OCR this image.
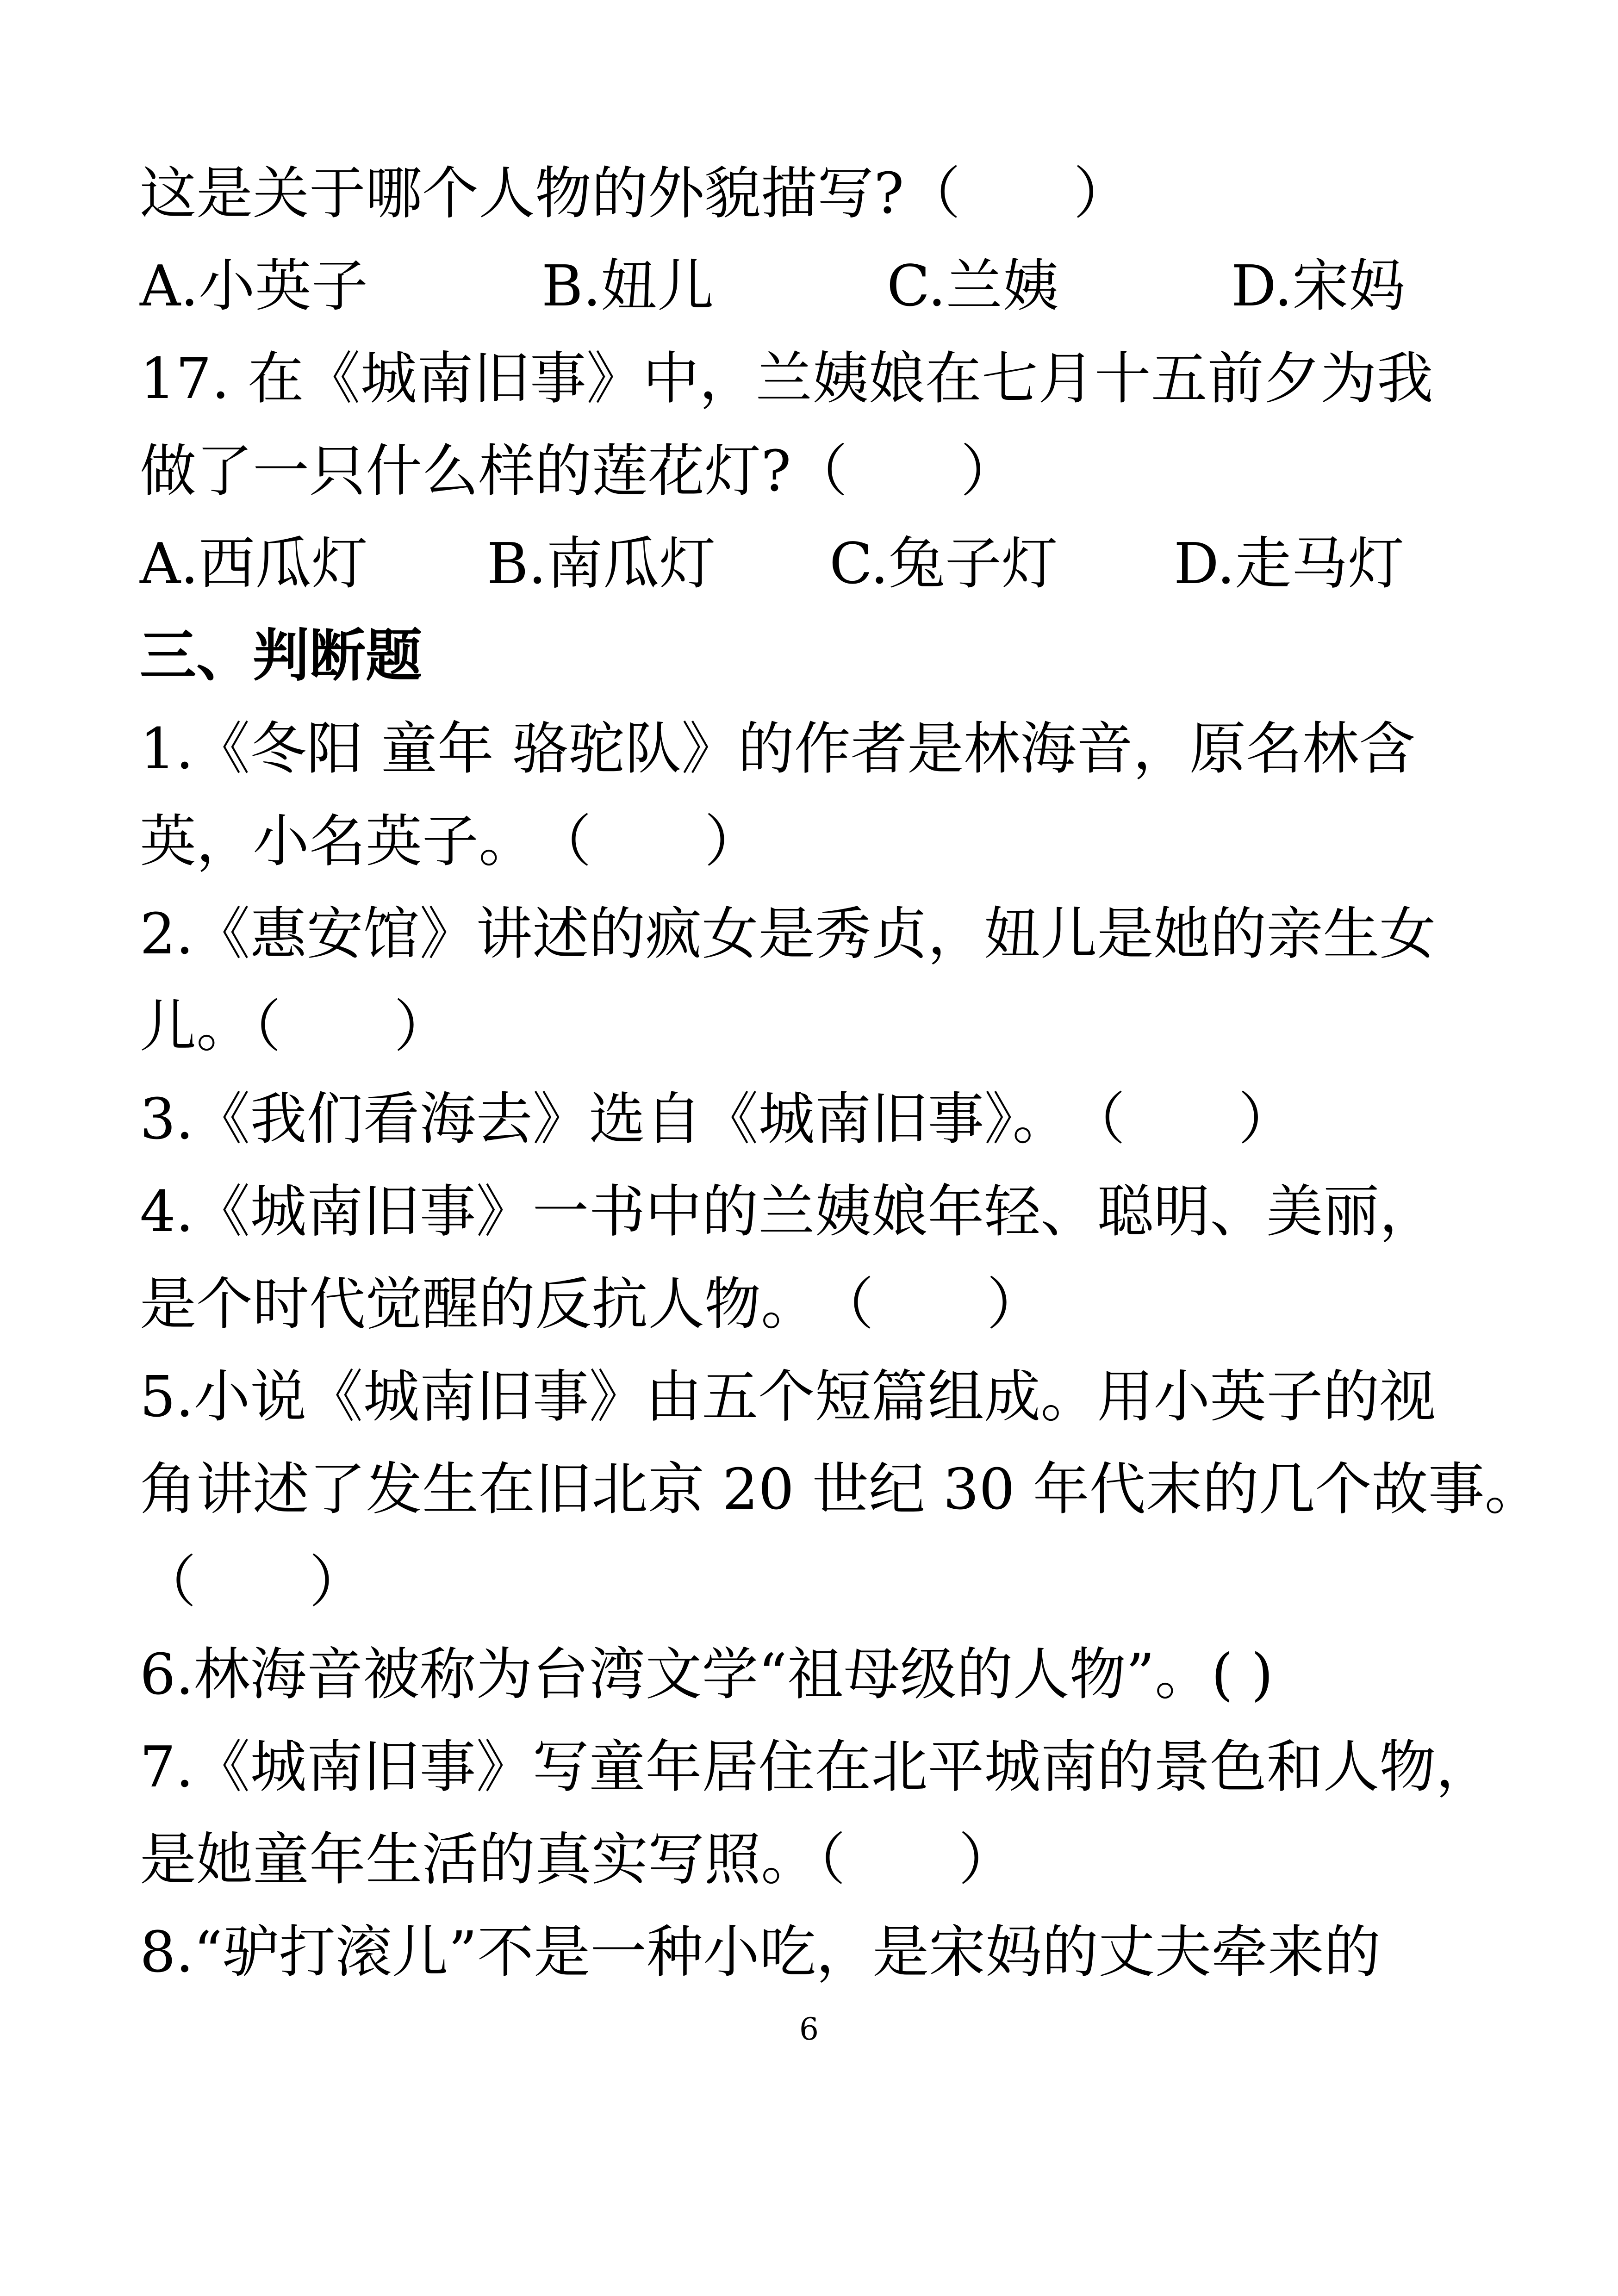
这是关于哪个人物的外貌描写?（　　）
A.小英子	B.妞儿	C.兰姨	D.宋妈
17. 在《城南旧事》中，兰姨娘在七月十五前夕为我
做了一只什么样的莲花灯?（　　）
A.西瓜灯 B.南瓜灯 C.兔子灯 D.走马灯
三、判断题
1.《冬阳 童年 骆驼队》的作者是林海音，原名林含
英，小名英子。　（　　）
2.《惠安馆》讲述的疯女是秀贞，妞儿是她的亲生女
儿。（　　）
3.《我们看海去》选自《城南旧事》。　（　　）
4.《城南旧事》一书中的兰姨娘年轻、聪明、美丽，
是个时代觉醒的反抗人物。　（　　）
5.小说《城南旧事》由五个短篇组成。用小英子的视
角讲述了发生在旧北京 20 世纪 30 年代末的几个故事。
（　　）
6.林海音被称为台湾文学“祖母级的人物”。( )
7.《城南旧事》写童年居住在北平城南的景色和人物，
是她童年生活的真实写照。（　　）
8.“驴打滚儿”不是一种小吃，是宋妈的丈夫牵来的
6
